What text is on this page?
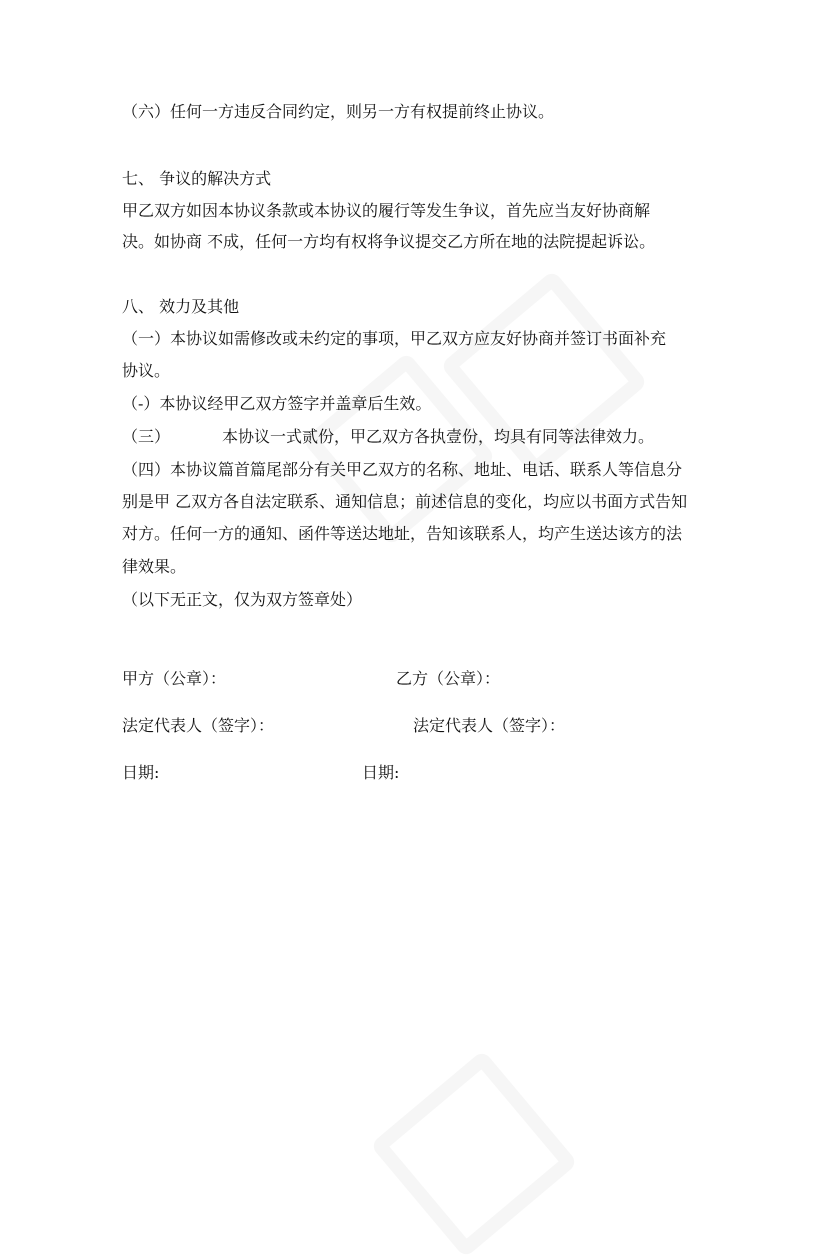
（六）任何一方违反合同约定，则另一方有权提前终止协议。
七、 争议的解决方式
甲乙双方如因本协议条款或本协议的履行等发生争议，首先应当友好协商解
决。如协商 不成，任何一方均有权将争议提交乙方所在地的法院提起诉讼。
八、 效力及其他
（一）本协议如需修改或未约定的事项，甲乙双方应友好协商并签订书面补充
协议。
（-）本协议经甲乙双方签字并盖章后生效。
（三）	本协议一式贰份，甲乙双方各执壹份，均具有同等法律效力。
（四）本协议篇首篇尾部分有关甲乙双方的名称、地址、电话、联系人等信息分
别是甲 乙双方各自法定联系、通知信息；前述信息的变化，均应以书面方式告知
对方。任何一方的通知、函件等送达地址，告知该联系人，均产生送达该方的法
律效果。
（以下无正文，仅为双方签章处）
甲方（公章）：	乙方（公章）：
法定代表人（签字）：	法定代表人（签字）：
日期:	日期:
